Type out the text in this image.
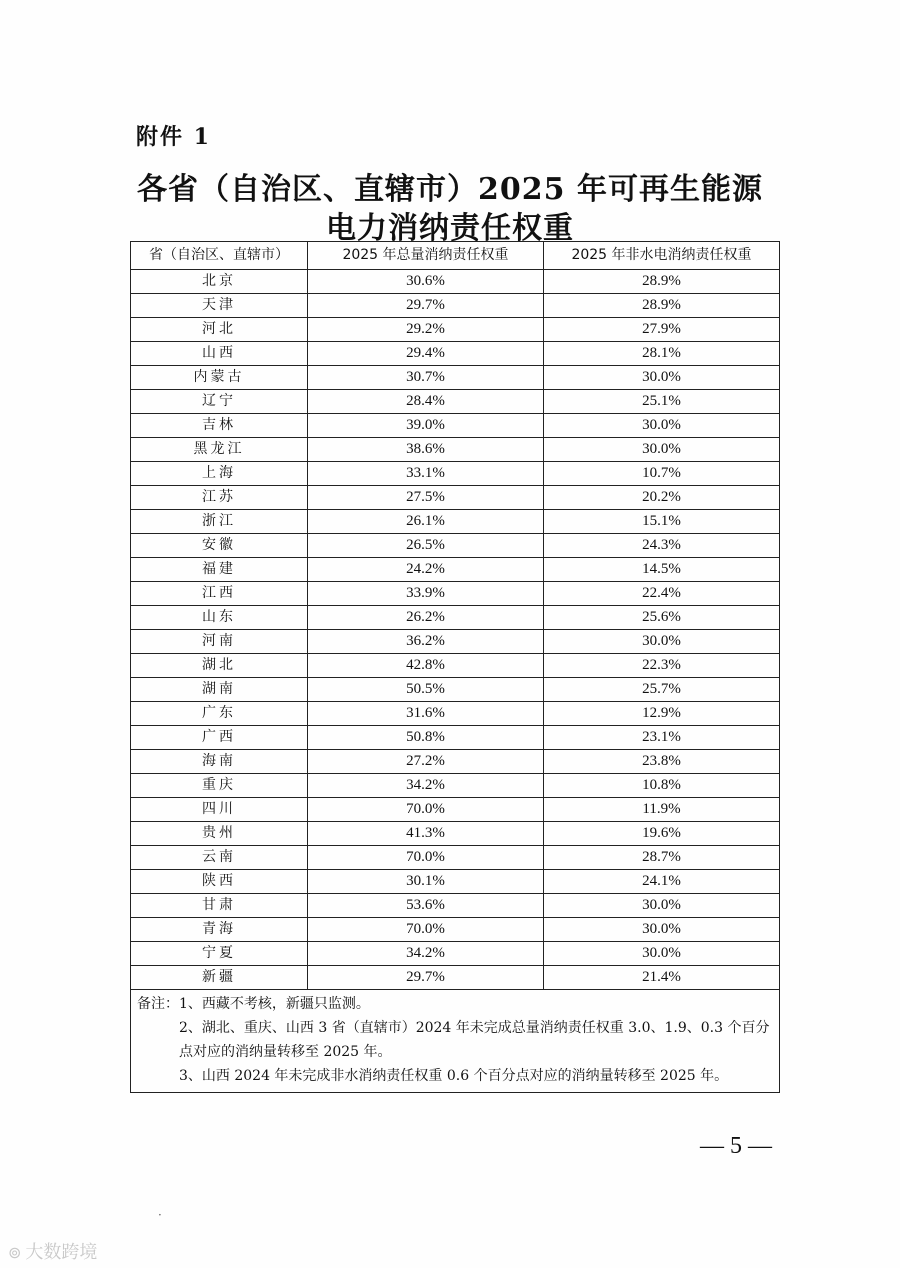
附件 1
各省（自治区、直辖市）2025 年可再生能源
电力消纳责任权重
省（自治区、直辖市）	2025 年总量消纳责任权重	2025 年非水电消纳责任权重
北京	30.6%	28.9%
天津	29.7%	28.9%
河北	29.2%	27.9%
山西	29.4%	28.1%
内蒙古	30.7%	30.0%
辽宁	28.4%	25.1%
吉林	39.0%	30.0%
黑龙江	38.6%	30.0%
上海	33.1%	10.7%
江苏	27.5%	20.2%
浙江	26.1%	15.1%
安徽	26.5%	24.3%
福建	24.2%	14.5%
江西	33.9%	22.4%
山东	26.2%	25.6%
河南	36.2%	30.0%
湖北	42.8%	22.3%
湖南	50.5%	25.7%
广东	31.6%	12.9%
广西	50.8%	23.1%
海南	27.2%	23.8%
重庆	34.2%	10.8%
四川	70.0%	11.9%
贵州	41.3%	19.6%
云南	70.0%	28.7%
陕西	30.1%	24.1%
甘肃	53.6%	30.0%
青海	70.0%	30.0%
宁夏	34.2%	30.0%
新疆	29.7%	21.4%

备注：1、西藏不考核，新疆只监测。
2、湖北、重庆、山西 3 省（直辖市）2024 年未完成总量消纳责任权重 3.0、1.9、0.3 个百分点对应的消纳量转移至 2025 年。
3、山西 2024 年未完成非水消纳责任权重 0.6 个百分点对应的消纳量转移至 2025 年。		
— 5 —
·
⊚ 大数跨境
